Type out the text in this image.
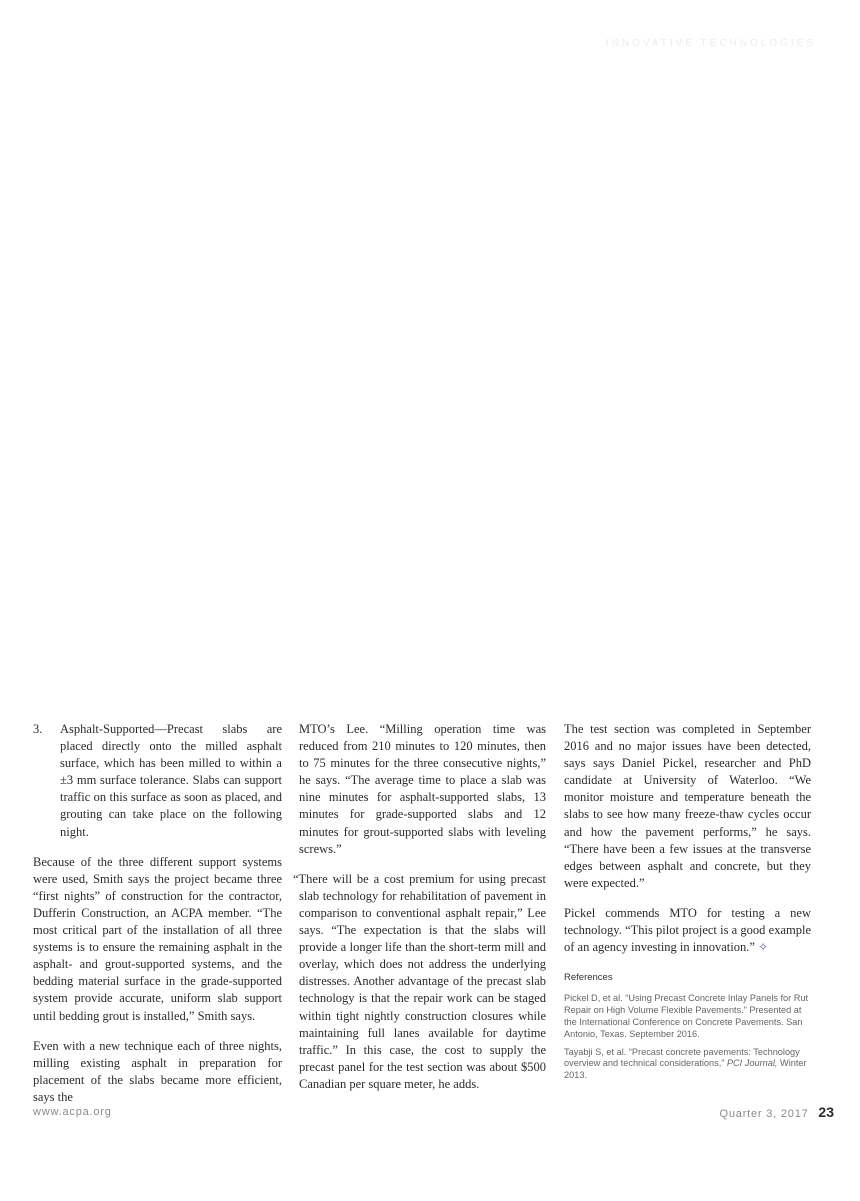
INNOVATIVE TECHNOLOGIES
3. Asphalt-Supported—Precast slabs are placed directly onto the milled asphalt surface, which has been milled to within a ±3 mm surface tolerance. Slabs can support traffic on this surface as soon as placed, and grouting can take place on the following night.

Because of the three different support systems were used, Smith says the project became three “first nights” of construction for the contractor, Dufferin Construction, an ACPA member. “The most critical part of the installation of all three systems is to ensure the remaining asphalt in the asphalt- and grout-supported systems, and the bedding material surface in the grade-supported system provide accurate, uniform slab support until bedding grout is installed,” Smith says.

Even with a new technique each of three nights, milling existing asphalt in preparation for placement of the slabs became more efficient, says the

MTO’s Lee. “Milling operation time was reduced from 210 minutes to 120 minutes, then to 75 minutes for the three consecutive nights,” he says. “The average time to place a slab was nine minutes for asphalt-supported slabs, 13 minutes for grade-supported slabs and 12 minutes for grout-supported slabs with leveling screws.”

“There will be a cost premium for using precast slab technology for rehabilitation of pavement in comparison to conventional asphalt repair,” Lee says. “The expectation is that the slabs will provide a longer life than the short-term mill and overlay, which does not address the underlying distresses. Another advantage of the precast slab technology is that the repair work can be staged within tight nightly construction closures while maintaining full lanes available for daytime traffic.” In this case, the cost to supply the precast panel for the test section was about $500 Canadian per square meter, he adds.

The test section was completed in September 2016 and no major issues have been detected, says says Daniel Pickel, researcher and PhD candidate at University of Waterloo. “We monitor moisture and temperature beneath the slabs to see how many freeze-thaw cycles occur and how the pavement performs,” he says. “There have been a few issues at the transverse edges between asphalt and concrete, but they were expected.”

Pickel commends MTO for testing a new technology. “This pilot project is a good example of an agency investing in innovation.” ✧

References
Pickel D, et al. “Using Precast Concrete Inlay Panels for Rut Repair on High Volume Flexible Pavements.” Presented at the International Conference on Concrete Pavements. San Antonio, Texas. September 2016.
Tayabji S, et al. “Precast concrete pavements: Technology overview and technical considerations,” PCI Journal, Winter 2013.
www.acpa.org	Quarter 3, 2017 23
